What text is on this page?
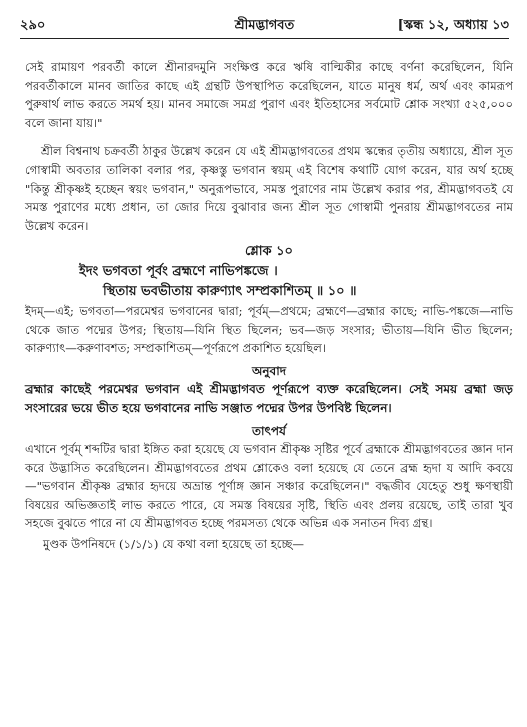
২৯০	শ্রীমদ্ভাগবত	[স্কন্ধ ১২, অধ্যায় ১৩

সেই রামায়ণ পরবর্তী কালে শ্রীনারদমুনি সংক্ষিপ্ত করে ঋষি বাল্মিকীর কাছে বর্ণনা করেছিলেন, যিনি পরবর্তীকালে মানব জাতির কাছে এই গ্রন্থটি উপস্থাপিত করেছিলেন, যাতে মানুষ ধর্ম, অর্থ এবং কামরূপ পুরুষার্থ লাভ করতে সমর্থ হয়। মানব সমাজে সমগ্র পুরাণ এবং ইতিহাসের সর্বমোট শ্লোক সংখ্যা ৫২৫,০০০ বলে জানা যায়।"

শ্রীল বিশ্বনাথ চক্রবর্তী ঠাকুর উল্লেখ করেন যে এই শ্রীমদ্ভাগবতের প্রথম স্কন্ধের তৃতীয় অধ্যায়ে, শ্রীল সূত গোস্বামী অবতার তালিকা বলার পর, কৃষ্ণস্তু ভগবান স্বয়ম্ এই বিশেষ কথাটি যোগ করেন, যার অর্থ হচ্ছে "কিন্তু শ্রীকৃষ্ণই হচ্ছেন স্বয়ং ভগবান," অনুরূপভাবে, সমস্ত পুরাণের নাম উল্লেখ করার পর, শ্রীমদ্ভাগবতই যে সমস্ত পুরাণের মধ্যে প্রধান, তা জোর দিয়ে বুঝাবার জন্য শ্রীল সূত গোস্বামী পুনরায় শ্রীমদ্ভাগবতের নাম উল্লেখ করেন।

শ্লোক ১০
ইদং ভগবতা পূর্বং ব্রহ্মণে নাভিপঙ্কজে ।
স্থিতায় ভবভীতায় কারুণ্যাৎ সম্প্রকাশিতম্ ॥ ১০ ॥

ইদম্—এই; ভগবতা—পরমেশ্বর ভগবানের দ্বারা; পূর্বম্—প্রথমে; ব্রহ্মণে—ব্রহ্মার কাছে; নাভি-পঙ্কজে—নাভি থেকে জাত পদ্মের উপর; স্থিতায়—যিনি স্থিত ছিলেন; ভব—জড় সংসার; ভীতায়—যিনি ভীত ছিলেন; কারুণ্যাৎ—করুণাবশত; সম্প্রকাশিতম্—পূর্ণরূপে প্রকাশিত হয়েছিল।

অনুবাদ

ব্রহ্মার কাছেই পরমেশ্বর ভগবান এই শ্রীমদ্ভাগবত পূর্ণরূপে ব্যক্ত করেছিলেন। সেই সময় ব্রহ্মা জড় সংসারের ভয়ে ভীত হয়ে ভগবানের নাভি সঞ্জাত পদ্মের উপর উপবিষ্ট ছিলেন।

তাৎপর্য

এখানে পূর্বম্ শব্দটির দ্বারা ইঙ্গিত করা হয়েছে যে ভগবান শ্রীকৃষ্ণ সৃষ্টির পূর্বে ব্রহ্মাকে শ্রীমদ্ভাগবতের জ্ঞান দান করে উদ্ভাসিত করেছিলেন। শ্রীমদ্ভাগবতের প্রথম শ্লোকেও বলা হয়েছে যে তেনে ব্রহ্ম হৃদা য আদি কবয়ে—"ভগবান শ্রীকৃষ্ণ ব্রহ্মার হৃদয়ে অভ্রান্ত পূর্ণাঙ্গ জ্ঞান সঞ্চার করেছিলেন।" বদ্ধজীব যেহেতু শুধু ক্ষণস্থায়ী বিষয়ের অভিজ্ঞতাই লাভ করতে পারে, যে সমস্ত বিষয়ের সৃষ্টি, স্থিতি এবং প্রলয় রয়েছে, তাই তারা খুব সহজে বুঝতে পারে না যে শ্রীমদ্ভাগবত হচ্ছে পরমসত্য থেকে অভিন্ন এক সনাতন দিব্য গ্রন্থ।

মুণ্ডক উপনিষদে (১/১/১) যে কথা বলা হয়েছে তা হচ্ছে—
